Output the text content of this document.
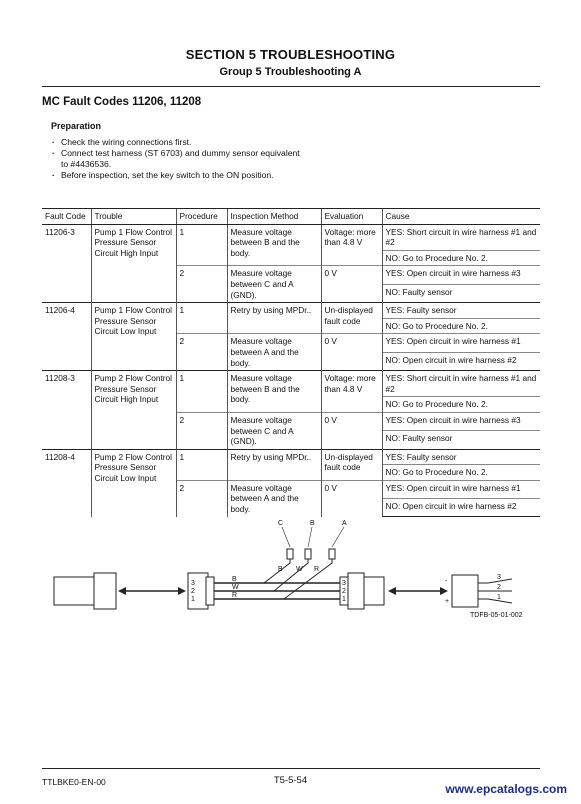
SECTION 5 TROUBLESHOOTING
Group 5 Troubleshooting A
MC Fault Codes 11206, 11208
Preparation
· Check the wiring connections first.
· Connect test harness (ST 6703) and dummy sensor equivalent to #4436536.
· Before inspection, set the key switch to the ON position.
Fault Code	Trouble	Procedure	Inspection Method	Evaluation	Cause
11206-3	Pump 1 Flow Control Pressure Sensor Circuit High Input	1	Measure voltage between B and the body.	Voltage: more than 4.8 V	YES: Short circuit in wire harness #1 and #2
					NO: Go to Procedure No. 2.
		2	Measure voltage between C and A (GND).	0 V	YES: Open circuit in wire harness #3
					NO: Faulty sensor
11206-4	Pump 1 Flow Control Pressure Sensor Circuit Low Input	1	Retry by using MPDr..	Un-displayed fault code	YES: Faulty sensor
					NO: Go to Procedure No. 2.
		2	Measure voltage between A and the body.	0 V	YES: Open circuit in wire harness #1
					NO: Open circuit in wire harness #2
11208-3	Pump 2 Flow Control Pressure Sensor Circuit High Input	1	Measure voltage between B and the body.	Voltage: more than 4.8 V	YES: Short circuit in wire harness #1 and #2
					NO: Go to Procedure No. 2.
		2	Measure voltage between C and A (GND).	0 V	YES: Open circuit in wire harness #3
					NO: Faulty sensor
11208-4	Pump 2 Flow Control Pressure Sensor Circuit Low Input	1	Retry by using MPDr..	Un-displayed fault code	YES: Faulty sensor
					NO: Go to Procedure No. 2.
		2	Measure voltage between A and the body.	0 V	YES: Open circuit in wire harness #1
					NO: Open circuit in wire harness #2
C	B	A
B W R
B
W
R
3
2
1
3
2
1
-
+
3
2
1
TDFB-05-01-002
TTLBKE0-EN-00	T5-5-54
www.epcatalogs.com
